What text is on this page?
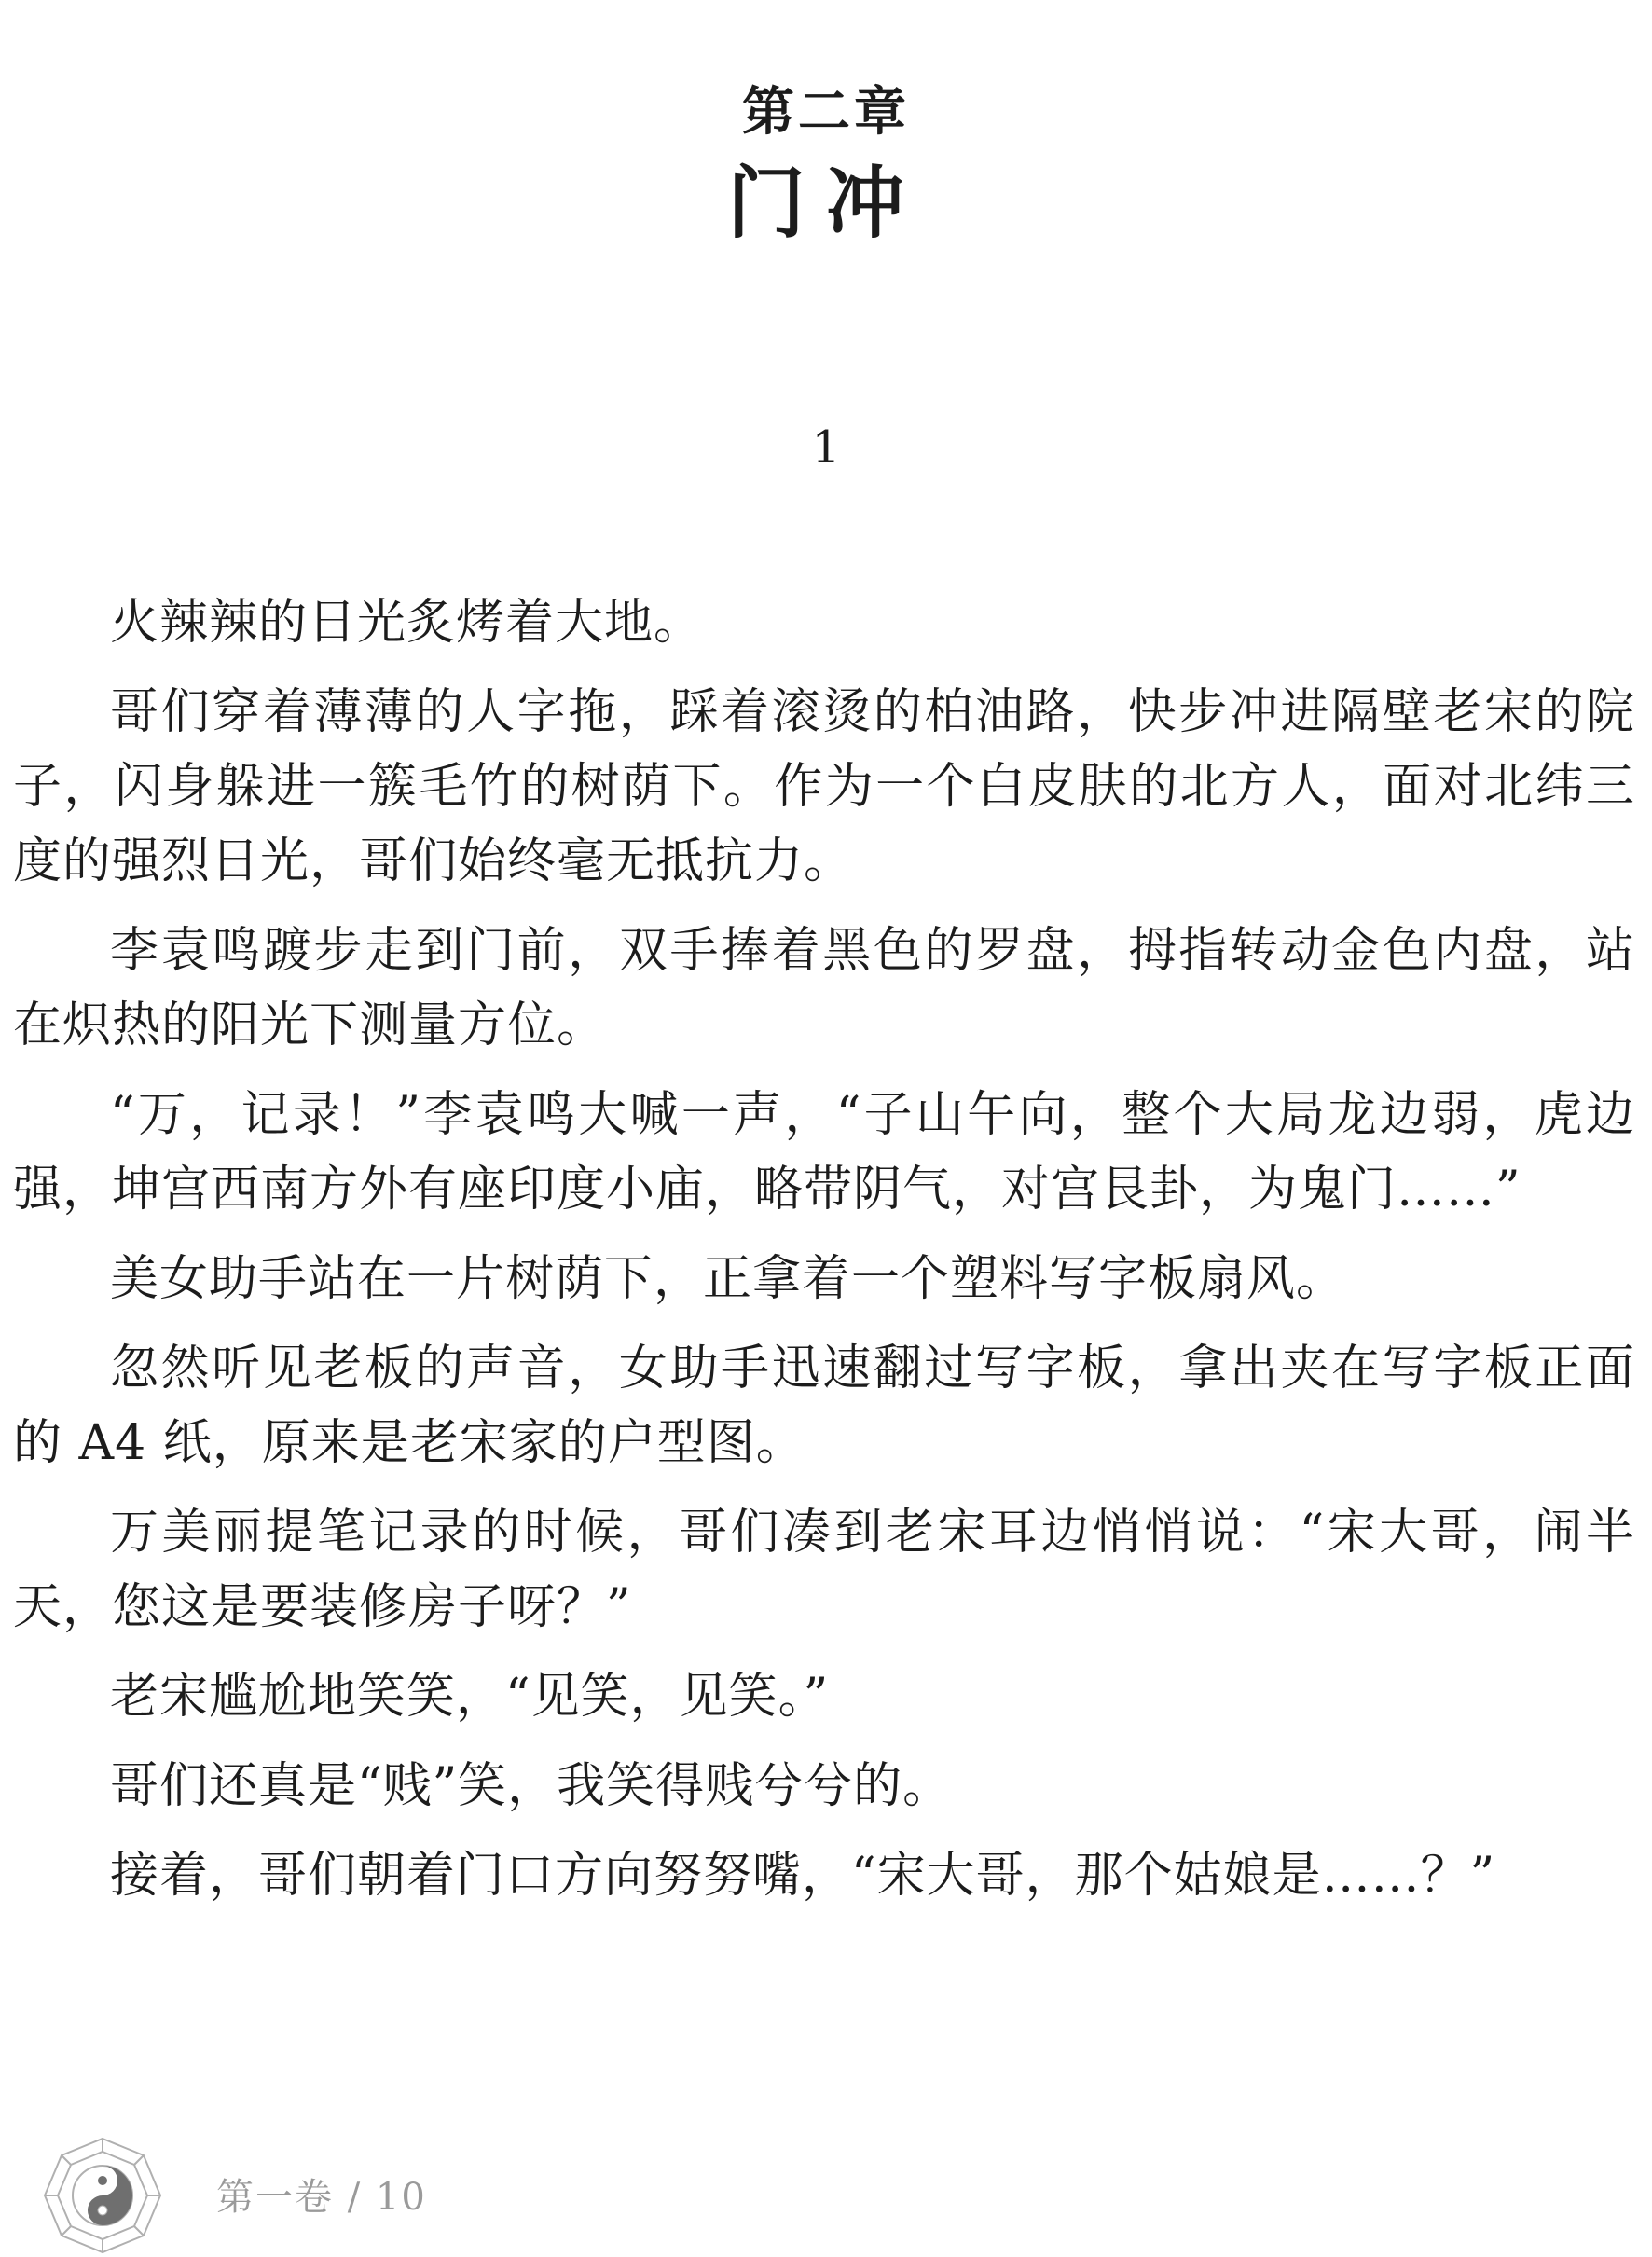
第二章
门冲
1

火辣辣的日光炙烤着大地。

哥们穿着薄薄的人字拖，踩着滚烫的柏油路，快步冲进隔壁老宋的院子，闪身躲进一簇毛竹的树荫下。作为一个白皮肤的北方人，面对北纬三度的强烈日光，哥们始终毫无抵抗力。

李袁鸣踱步走到门前，双手捧着黑色的罗盘，拇指转动金色内盘，站在炽热的阳光下测量方位。

“万，记录！”李袁鸣大喊一声，“子山午向，整个大局龙边弱，虎边强，坤宫西南方外有座印度小庙，略带阴气，对宫艮卦，为鬼门……”

美女助手站在一片树荫下，正拿着一个塑料写字板扇风。

忽然听见老板的声音，女助手迅速翻过写字板，拿出夹在写字板正面的 A4 纸，原来是老宋家的户型图。

万美丽提笔记录的时候，哥们凑到老宋耳边悄悄说：“宋大哥，闹半天，您这是要装修房子呀？”

老宋尴尬地笑笑，“见笑，见笑。”

哥们还真是“贱”笑，我笑得贱兮兮的。

接着，哥们朝着门口方向努努嘴，“宋大哥，那个姑娘是……？”

第一卷 / 10
